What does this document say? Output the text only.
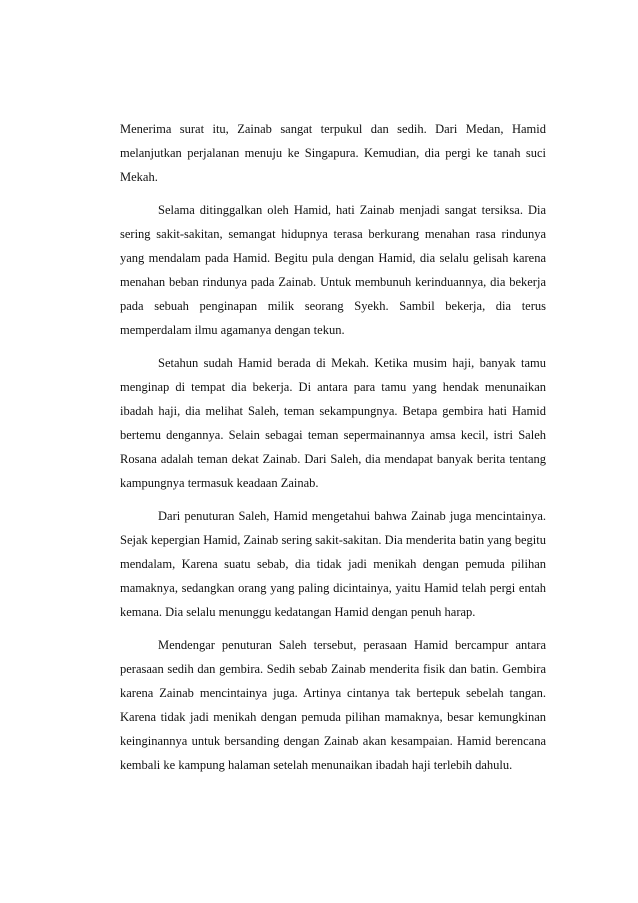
Menerima surat itu, Zainab sangat terpukul dan sedih. Dari Medan, Hamid melanjutkan perjalanan menuju ke Singapura. Kemudian, dia pergi ke tanah suci Mekah.

Selama ditinggalkan oleh Hamid, hati Zainab menjadi sangat tersiksa. Dia sering sakit-sakitan, semangat hidupnya terasa berkurang menahan rasa rindunya yang mendalam pada Hamid. Begitu pula dengan Hamid, dia selalu gelisah karena menahan beban rindunya pada Zainab. Untuk membunuh kerinduannya, dia bekerja pada sebuah penginapan milik seorang Syekh. Sambil bekerja, dia terus memperdalam ilmu agamanya dengan tekun.

Setahun sudah Hamid berada di Mekah. Ketika musim haji, banyak tamu menginap di tempat dia bekerja. Di antara para tamu yang hendak menunaikan ibadah haji, dia melihat Saleh, teman sekampungnya. Betapa gembira hati Hamid bertemu dengannya. Selain sebagai teman sepermainannya amsa kecil, istri Saleh Rosana adalah teman dekat Zainab. Dari Saleh, dia mendapat banyak berita tentang kampungnya termasuk keadaan Zainab.

Dari penuturan Saleh, Hamid mengetahui bahwa Zainab juga mencintainya. Sejak kepergian Hamid, Zainab sering sakit-sakitan. Dia menderita batin yang begitu mendalam, Karena suatu sebab, dia tidak jadi menikah dengan pemuda pilihan mamaknya, sedangkan orang yang paling dicintainya, yaitu Hamid telah pergi entah kemana. Dia selalu menunggu kedatangan Hamid dengan penuh harap.

Mendengar penuturan Saleh tersebut, perasaan Hamid bercampur antara perasaan sedih dan gembira. Sedih sebab Zainab menderita fisik dan batin. Gembira karena Zainab mencintainya juga. Artinya cintanya tak bertepuk sebelah tangan. Karena tidak jadi menikah dengan pemuda pilihan mamaknya, besar kemungkinan keinginannya untuk bersanding dengan Zainab akan kesampaian. Hamid berencana kembali ke kampung halaman setelah menunaikan ibadah haji terlebih dahulu.
